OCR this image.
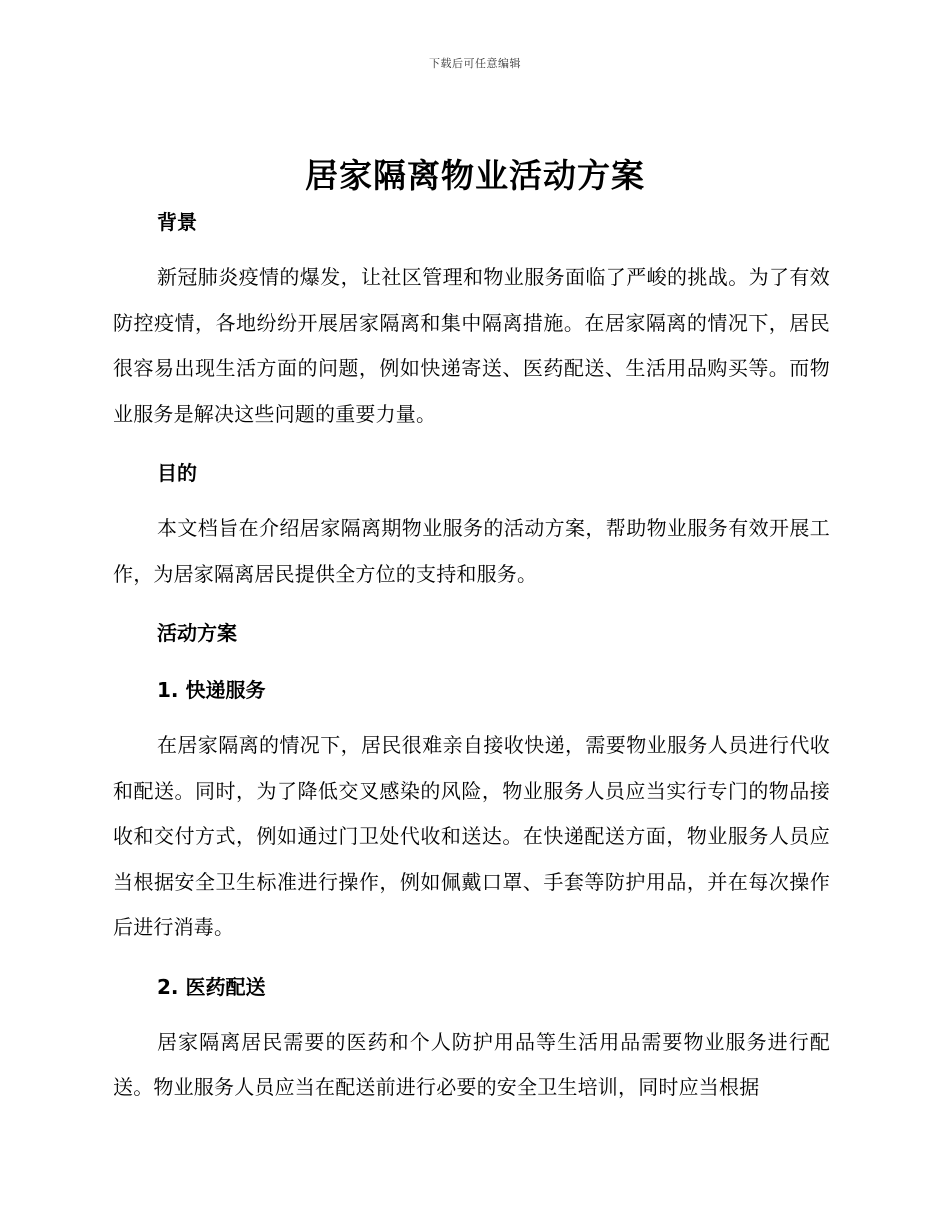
下载后可任意编辑
居家隔离物业活动方案

背景

新冠肺炎疫情的爆发，让社区管理和物业服务面临了严峻的挑战。为了有效防控疫情，各地纷纷开展居家隔离和集中隔离措施。在居家隔离的情况下，居民很容易出现生活方面的问题，例如快递寄送、医药配送、生活用品购买等。而物业服务是解决这些问题的重要力量。

目的

本文档旨在介绍居家隔离期物业服务的活动方案，帮助物业服务有效开展工作，为居家隔离居民提供全方位的支持和服务。

活动方案

1. 快递服务

在居家隔离的情况下，居民很难亲自接收快递，需要物业服务人员进行代收和配送。同时，为了降低交叉感染的风险，物业服务人员应当实行专门的物品接收和交付方式，例如通过门卫处代收和送达。在快递配送方面，物业服务人员应当根据安全卫生标准进行操作，例如佩戴口罩、手套等防护用品，并在每次操作后进行消毒。

2. 医药配送

居家隔离居民需要的医药和个人防护用品等生活用品需要物业服务进行配送。物业服务人员应当在配送前进行必要的安全卫生培训，同时应当根据
